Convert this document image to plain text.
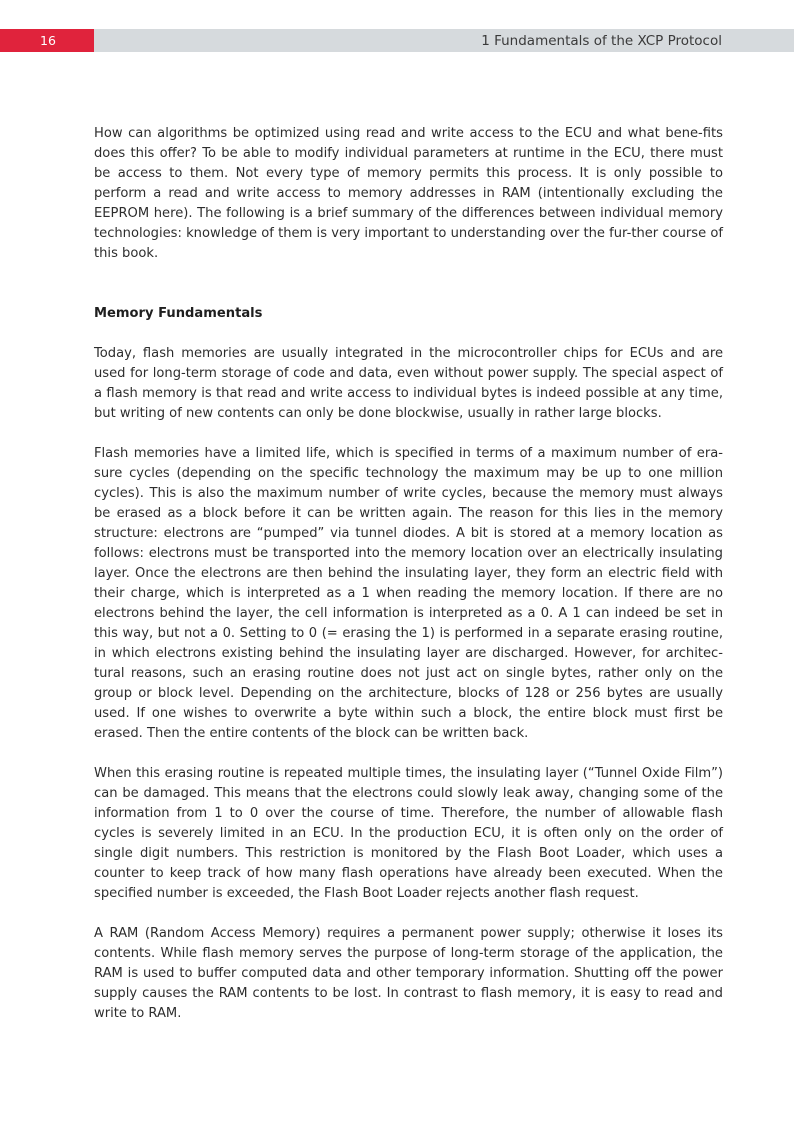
16	1 Fundamentals of the XCP Protocol

How can algorithms be optimized using read and write access to the ECU and what bene-fits does this offer? To be able to modify individual parameters at runtime in the ECU, there must be access to them. Not every type of memory permits this process. It is only possible to perform a read and write access to memory addresses in RAM (intentionally excluding the EEPROM here). The following is a brief summary of the differences between individual memory technologies: knowledge of them is very important to understanding over the fur-ther course of this book.

Memory Fundamentals

Today, flash memories are usually integrated in the microcontroller chips for ECUs and are used for long-term storage of code and data, even without power supply. The special aspect of a flash memory is that read and write access to individual bytes is indeed possible at any time, but writing of new contents can only be done blockwise, usually in rather large blocks.

Flash memories have a limited life, which is specified in terms of a maximum number of era-sure cycles (depending on the specific technology the maximum may be up to one million cycles). This is also the maximum number of write cycles, because the memory must always be erased as a block before it can be written again. The reason for this lies in the memory structure: electrons are “pumped” via tunnel diodes. A bit is stored at a memory location as follows: electrons must be transported into the memory location over an electrically insulating layer. Once the electrons are then behind the insulating layer, they form an electric field with their charge, which is interpreted as a 1 when reading the memory location. If there are no electrons behind the layer, the cell information is interpreted as a 0. A 1 can indeed be set in this way, but not a 0. Setting to 0 (= erasing the 1) is performed in a separate erasing routine, in which electrons existing behind the insulating layer are discharged. However, for architec-tural reasons, such an erasing routine does not just act on single bytes, rather only on the group or block level. Depending on the architecture, blocks of 128 or 256 bytes are usually used. If one wishes to overwrite a byte within such a block, the entire block must first be erased. Then the entire contents of the block can be written back.

When this erasing routine is repeated multiple times, the insulating layer (“Tunnel Oxide Film”) can be damaged. This means that the electrons could slowly leak away, changing some of the information from 1 to 0 over the course of time. Therefore, the number of allowable flash cycles is severely limited in an ECU. In the production ECU, it is often only on the order of single digit numbers. This restriction is monitored by the Flash Boot Loader, which uses a counter to keep track of how many flash operations have already been executed. When the specified number is exceeded, the Flash Boot Loader rejects another flash request.

A RAM (Random Access Memory) requires a permanent power supply; otherwise it loses its contents. While flash memory serves the purpose of long-term storage of the application, the RAM is used to buffer computed data and other temporary information. Shutting off the power supply causes the RAM contents to be lost. In contrast to flash memory, it is easy to read and write to RAM.
